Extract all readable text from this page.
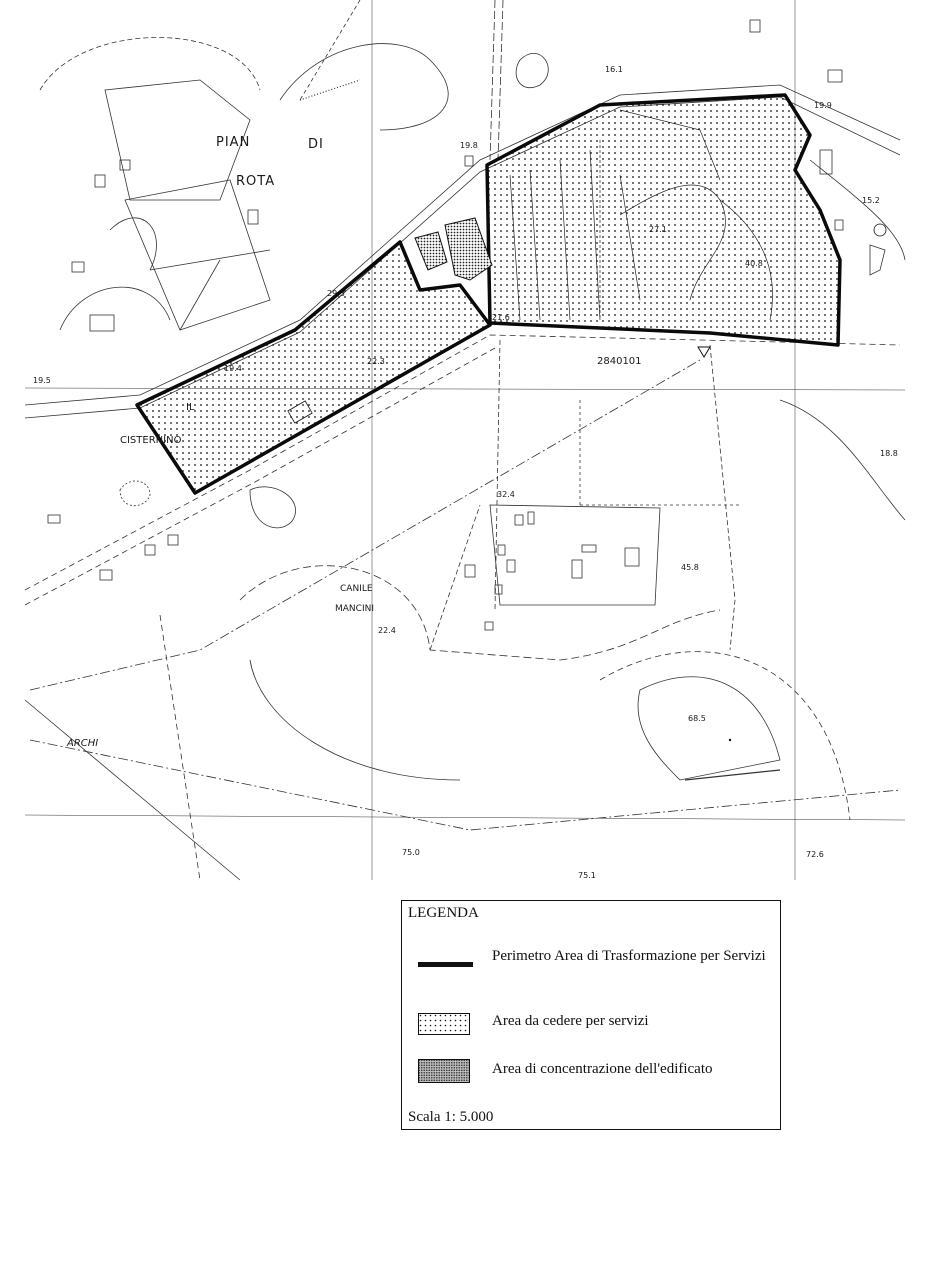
PIAN	DI
ROTA
IL
CISTERNINO
CANILE
MANCINI
ARCHI
2840101
16.1
19.9
19.8
15.2
27.1
40.8
21.6
29.3
22.3
19.4
19.5
18.8
32.4
45.8
22.4
68.5
75.0	72.6
75.1
LEGENDA
Perimetro Area di Trasformazione per Servizi
Area da cedere per servizi
Area di concentrazione dell'edificato
Scala 1: 5.000
